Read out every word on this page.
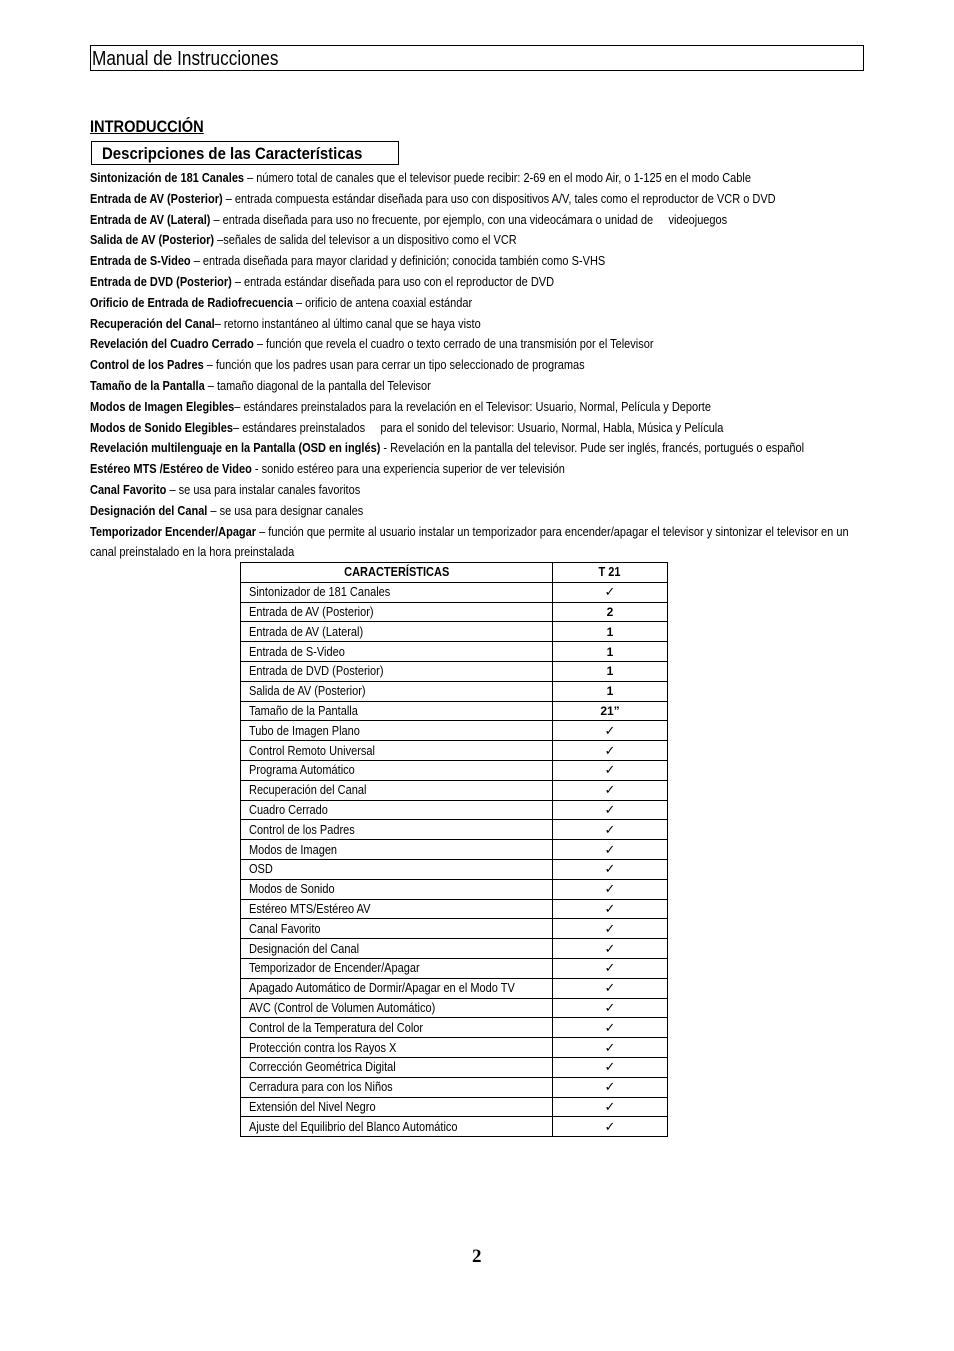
Manual de Instrucciones
INTRODUCCIÓN
Descripciones de las Características
Sintonización de 181 Canales – número total de canales que el televisor puede recibir: 2-69 en el modo Air, o 1-125 en el modo Cable
Entrada de AV (Posterior) – entrada compuesta estándar diseñada para uso con dispositivos A/V, tales como el reproductor de VCR o DVD
Entrada de AV (Lateral) – entrada diseñada para uso no frecuente, por ejemplo, con una videocámara o unidad de     videojuegos
Salida de AV (Posterior) –señales de salida del televisor a un dispositivo como el VCR
Entrada de S-Video – entrada diseñada para mayor claridad y definición; conocida también como S-VHS
Entrada de DVD (Posterior) – entrada estándar diseñada para uso con el reproductor de DVD
Orificio de Entrada de Radiofrecuencia – orificio de antena coaxial estándar
Recuperación del Canal– retorno instantáneo al último canal que se haya visto
Revelación del Cuadro Cerrado – función que revela el cuadro o texto cerrado de una transmisión por el Televisor
Control de los Padres – función que los padres usan para cerrar un tipo seleccionado de programas
Tamaño de la Pantalla – tamaño diagonal de la pantalla del Televisor
Modos de Imagen Elegibles– estándares preinstalados para la revelación en el Televisor: Usuario, Normal, Película y Deporte
Modos de Sonido Elegibles– estándares preinstalados     para el sonido del televisor: Usuario, Normal, Habla, Música y Película
Revelación multilenguaje en la Pantalla (OSD en inglés) - Revelación en la pantalla del televisor. Pude ser inglés, francés, portugués o español
Estéreo MTS /Estéreo de Video - sonido estéreo para una experiencia superior de ver televisión
Canal Favorito – se usa para instalar canales favoritos
Designación del Canal – se usa para designar canales
Temporizador Encender/Apagar – función que permite al usuario instalar un temporizador para encender/apagar el televisor y sintonizar el televisor en un canal preinstalado en la hora preinstalada
CARACTERÍSTICAS	T 21
Sintonizador de 181 Canales	✓
Entrada de AV (Posterior)	2
Entrada de AV (Lateral)	1
Entrada de S-Video	1
Entrada de DVD (Posterior)	1
Salida de AV (Posterior)	1
Tamaño de la Pantalla	21”
Tubo de Imagen Plano	✓
Control Remoto Universal	✓
Programa Automático	✓
Recuperación del Canal	✓
Cuadro Cerrado	✓
Control de los Padres	✓
Modos de Imagen	✓
OSD	✓
Modos de Sonido	✓
Estéreo MTS/Estéreo AV	✓
Canal Favorito	✓
Designación del Canal	✓
Temporizador de Encender/Apagar	✓
Apagado Automático de Dormir/Apagar en el Modo TV	✓
AVC (Control de Volumen Automático)	✓
Control de la Temperatura del Color	✓
Protección contra los Rayos X	✓
Corrección Geométrica Digital	✓
Cerradura para con los Niños	✓
Extensión del Nivel Negro	✓
Ajuste del Equilibrio del Blanco Automático	✓
2
